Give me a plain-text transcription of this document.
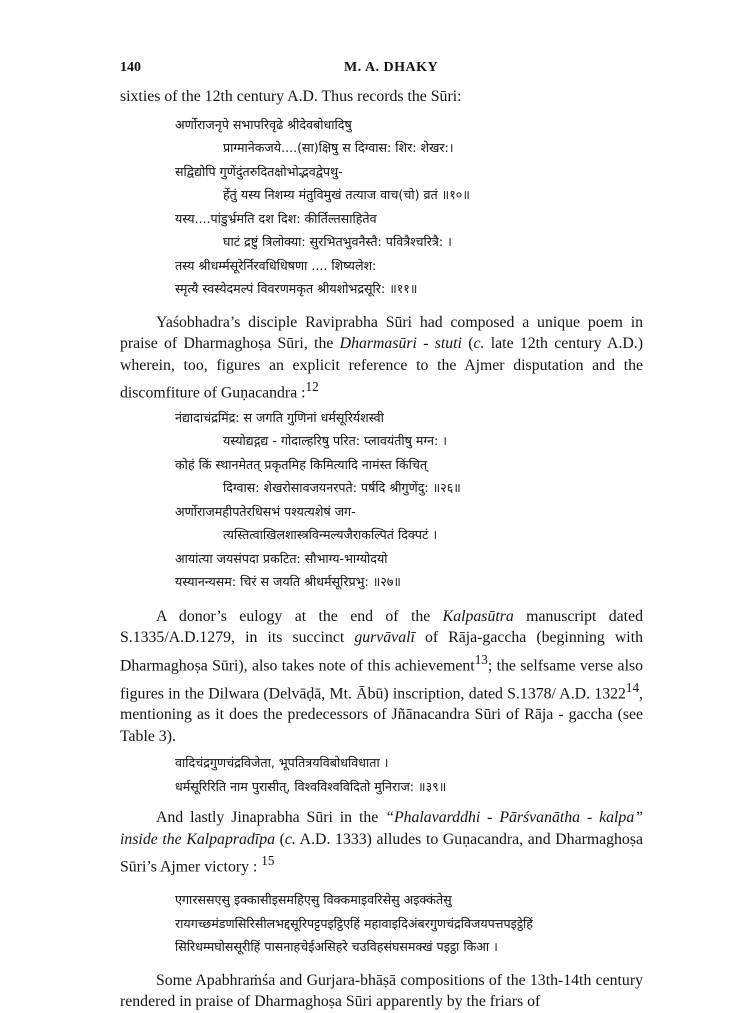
140	M. A. DHAKY

sixties of the 12th century A.D. Thus records the Sūri:

अर्णोराजनृपे सभापरिवृढे श्रीदेवबोधादिषु
प्राग्मानेकजये....(सा)क्षिषु स दिग्वास: शिर: शेखर:।
सद्विद्योपि गुणेंदुंतरुदितक्षोभोद्भवद्वेपथु-
र्हेतुं यस्य निशम्य मंतुविमुखं तत्याज वाच(चो) व्रतं ॥१०॥
यस्य....पांडुर्भ्रमति दश दिश: कीर्तिल्तसाहितेव
घाटं द्रष्टुं त्रिलोक्या: सुरभितभुवनैस्तै: पवित्रैश्चरित्रै: ।
तस्य श्रीधर्म्मसूरेर्निरवधिधिषणा .... शिष्यलेश:
स्मृत्यै स्वस्येदमल्पं विवरणमकृत श्रीयशोभद्रसूरि: ॥११॥

Yaśobhadra’s disciple Raviprabha Sūri had composed a unique poem in praise of Dharmaghoṣa Sūri, the Dharmasūri - stuti (c. late 12th century A.D.) wherein, too, figures an explicit reference to the Ajmer disputation and the discomfiture of Guṇacandra :$^{12}$

नंद्यादाचंद्रमिंद्र: स जगति गुणिनां धर्मसूरिर्यशस्वी
यस्योद्यद्गद्य - गोदाल्हरिषु परित: प्लावयंतीषु मग्न: ।
कोहं किं स्थानमेतत् प्रकृतमिह किमित्यादि नामंस्त किंचित्
दिग्वास: शेखरोसावजयनरपते: पर्षदि श्रीगुणेंदु: ॥२६॥
अर्णोराजमहीपतेरधिसभं पश्यत्यशेषं जग-
त्यस्तित्वाखिलशास्त्रविन्मल्यजैराकल्पितं दिक्पटं ।
आयांत्या जयसंपदा प्रकटित: सौभाग्य-भाग्योदयो
यस्यानन्यसम: चिरं स जयति श्रीधर्मसूरिप्रभु: ॥२७॥

A donor’s eulogy at the end of the Kalpasūtra manuscript dated S.1335/A.D.1279, in its succinct gurvāvalī of Rāja-gaccha (beginning with Dharmaghoṣa Sūri), also takes note of this achievement$^{13}$; the selfsame verse also figures in the Dilwara (Delvāḍā, Mt. Ābū) inscription, dated S.1378/ A.D. 1322$^{14}$, mentioning as it does the predecessors of Jñānacandra Sūri of Rāja - gaccha (see Table 3).

वादिचंद्रगुणचंद्रविजेता, भूपतित्रयविबोधविधाता ।
धर्मसूरिरिति नाम पुरासीत्, विश्वविश्वविदितो मुनिराज: ॥३९॥

And lastly Jinaprabha Sūri in the “Phalavarddhi - Pārśvanātha - kalpa” inside the Kalpapradīpa (c. A.D. 1333) alludes to Guṇacandra, and Dharmaghoṣa Sūri’s Ajmer victory : $^{15}$

एगारससएसु इक्कासीइसमहिएसु विक्कमाइवरिसेसु अइक्कंतेसु
रायगच्छमंडणसिरिसीलभद्दसूरिपट्टपइट्ठिएहिं महावाइदिअंबरगुणचंद्रविजयपत्तपइट्ठेहिं
सिरिधम्मघोससूरीहिं पासनाहचेईअसिहरे चउविहसंघसमक्खं पइट्ठा किआ ।

Some Apabhraṁśa and Gurjara-bhāṣā compositions of the 13th-14th century rendered in praise of Dharmaghoṣa Sūri apparently by the friars of
